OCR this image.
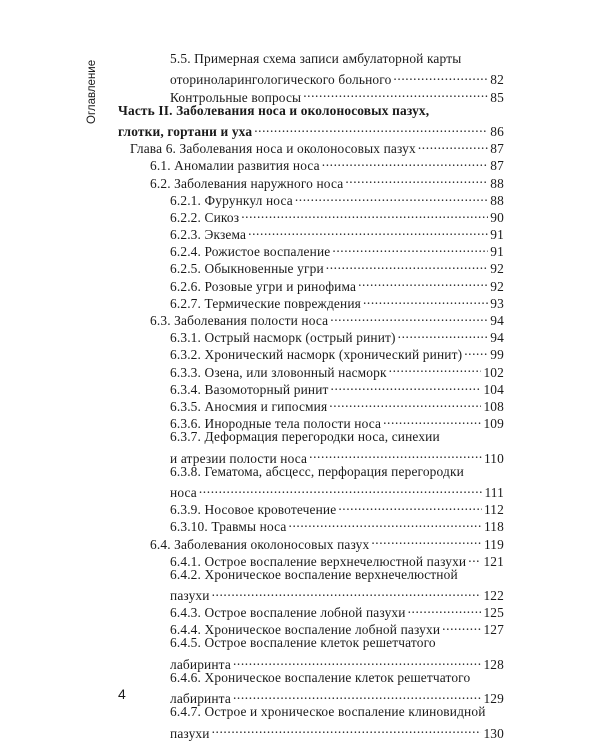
Оглавление
5.5. Примерная схема записи амбулаторной карты
оториноларингологического больного .....	82
Контрольные вопросы .....	85
Часть II. Заболевания носа и околоносовых пазух,
глотки, гортани и уха .....	86
Глава 6. Заболевания носа и околоносовых пазух .....	87
6.1. Аномалии развития носа .....	87
6.2. Заболевания наружного носа .....	88
6.2.1. Фурункул носа .....	88
6.2.2. Сикоз .....	90
6.2.3. Экзема .....	91
6.2.4. Рожистое воспаление .....	91
6.2.5. Обыкновенные угри .....	92
6.2.6. Розовые угри и ринофима .....	92
6.2.7. Термические повреждения .....	93
6.3. Заболевания полости носа .....	94
6.3.1. Острый насморк (острый ринит) .....	94
6.3.2. Хронический насморк (хронический ринит) ..... 99
6.3.3. Озена, или зловонный насморк .....	102
6.3.4. Вазомоторный ринит .....	104
6.3.5. Аносмия и гипосмия .....	108
6.3.6. Инородные тела полости носа .....	109
6.3.7. Деформация перегородки носа, синехии
и атрезии полости носа .....	110
6.3.8. Гематома, абсцесс, перфорация перегородки
носа .....	111
6.3.9. Носовое кровотечение .....	112
6.3.10. Травмы носа .....	118
6.4. Заболевания околоносовых пазух .....	119
6.4.1. Острое воспаление верхнечелюстной пазухи ..... 121
6.4.2. Хроническое воспаление верхнечелюстной
пазухи .....	122
6.4.3. Острое воспаление лобной пазухи .....	125
6.4.4. Хроническое воспаление лобной пазухи .....	127
6.4.5. Острое воспаление клеток решетчатого
лабиринта .....	128
6.4.6. Хроническое воспаление клеток решетчатого
лабиринта .....	129
6.4.7. Острое и хроническое воспаление клиновидной
пазухи .....	130
4
